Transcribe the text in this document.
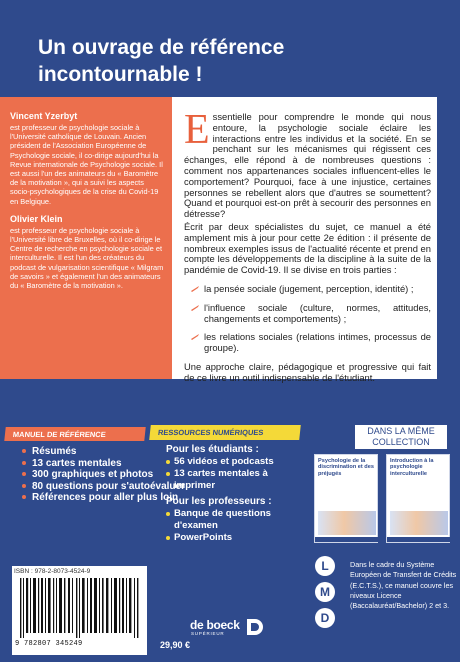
Un ouvrage de référence incontournable !
Vincent Yzerbyt

est professeur de psychologie sociale à l'Université catholique de Louvain. Ancien président de l'Association Européenne de Psychologie sociale, il co-dirige aujourd'hui la Revue internationale de Psychologie sociale. Il est aussi l'un des animateurs du « Baromètre de la motivation », qui a suivi les aspects socio-psychologiques de la crise du Covid-19 en Belgique.

Olivier Klein

est professeur de psychologie sociale à l'Université libre de Bruxelles, où il co-dirige le Centre de recherche en psychologie sociale et interculturelle. Il est l'un des créateurs du podcast de vulgarisation scientifique « Milgram de savoirs » et également l'un des animateurs du « Baromètre de la motivation ».

E ssentielle pour comprendre le monde qui nous entoure, la psychologie sociale éclaire les interactions entre les individus et la société. En se penchant sur les mécanismes qui régissent ces échanges, elle répond à de nombreuses questions : comment nos appartenances sociales influencent-elles le comportement? Pourquoi, face à une injustice, certaines personnes se rebellent alors que d'autres se soumettent? Quand et pourquoi est-on prêt à secourir des personnes en détresse?

Écrit par deux spécialistes du sujet, ce manuel a été amplement mis à jour pour cette 2e édition : il présente de nombreux exemples issus de l'actualité récente et prend en compte les développements de la discipline à la suite de la pandémie de Covid-19. Il se divise en trois parties :

la pensée sociale (jugement, perception, identité) ;
l'influence sociale (culture, normes, attitudes, changements et comportements) ;
les relations sociales (relations intimes, processus de groupe).

Une approche claire, pédagogique et progressive qui fait de ce livre un outil indispensable de l'étudiant.

MANUEL DE RÉFÉRENCE
Résumés
13 cartes mentales
300 graphiques et photos
80 questions pour s'autoévaluer
Références pour aller plus loin
RESSOURCES NUMÉRIQUES
Pour les étudiants :
56 vidéos et podcasts
13 cartes mentales à imprimer
Pour les professeurs :
Banque de questions d'examen
PowerPoints
DANS LA MÊME
COLLECTION
Psychologie de la discrimination et des préjugés
Introduction à la psychologie interculturelle
ISBN : 978-2-8073-4524-9
9 782807 345249	29,90 €
de boeck
SUPÉRIEUR
L
M
D
Dans le cadre du Système Européen de Transfert de Crédits (E.C.T.S.), ce manuel couvre les niveaux Licence (Baccalauréat/Bachelor) 2 et 3.
